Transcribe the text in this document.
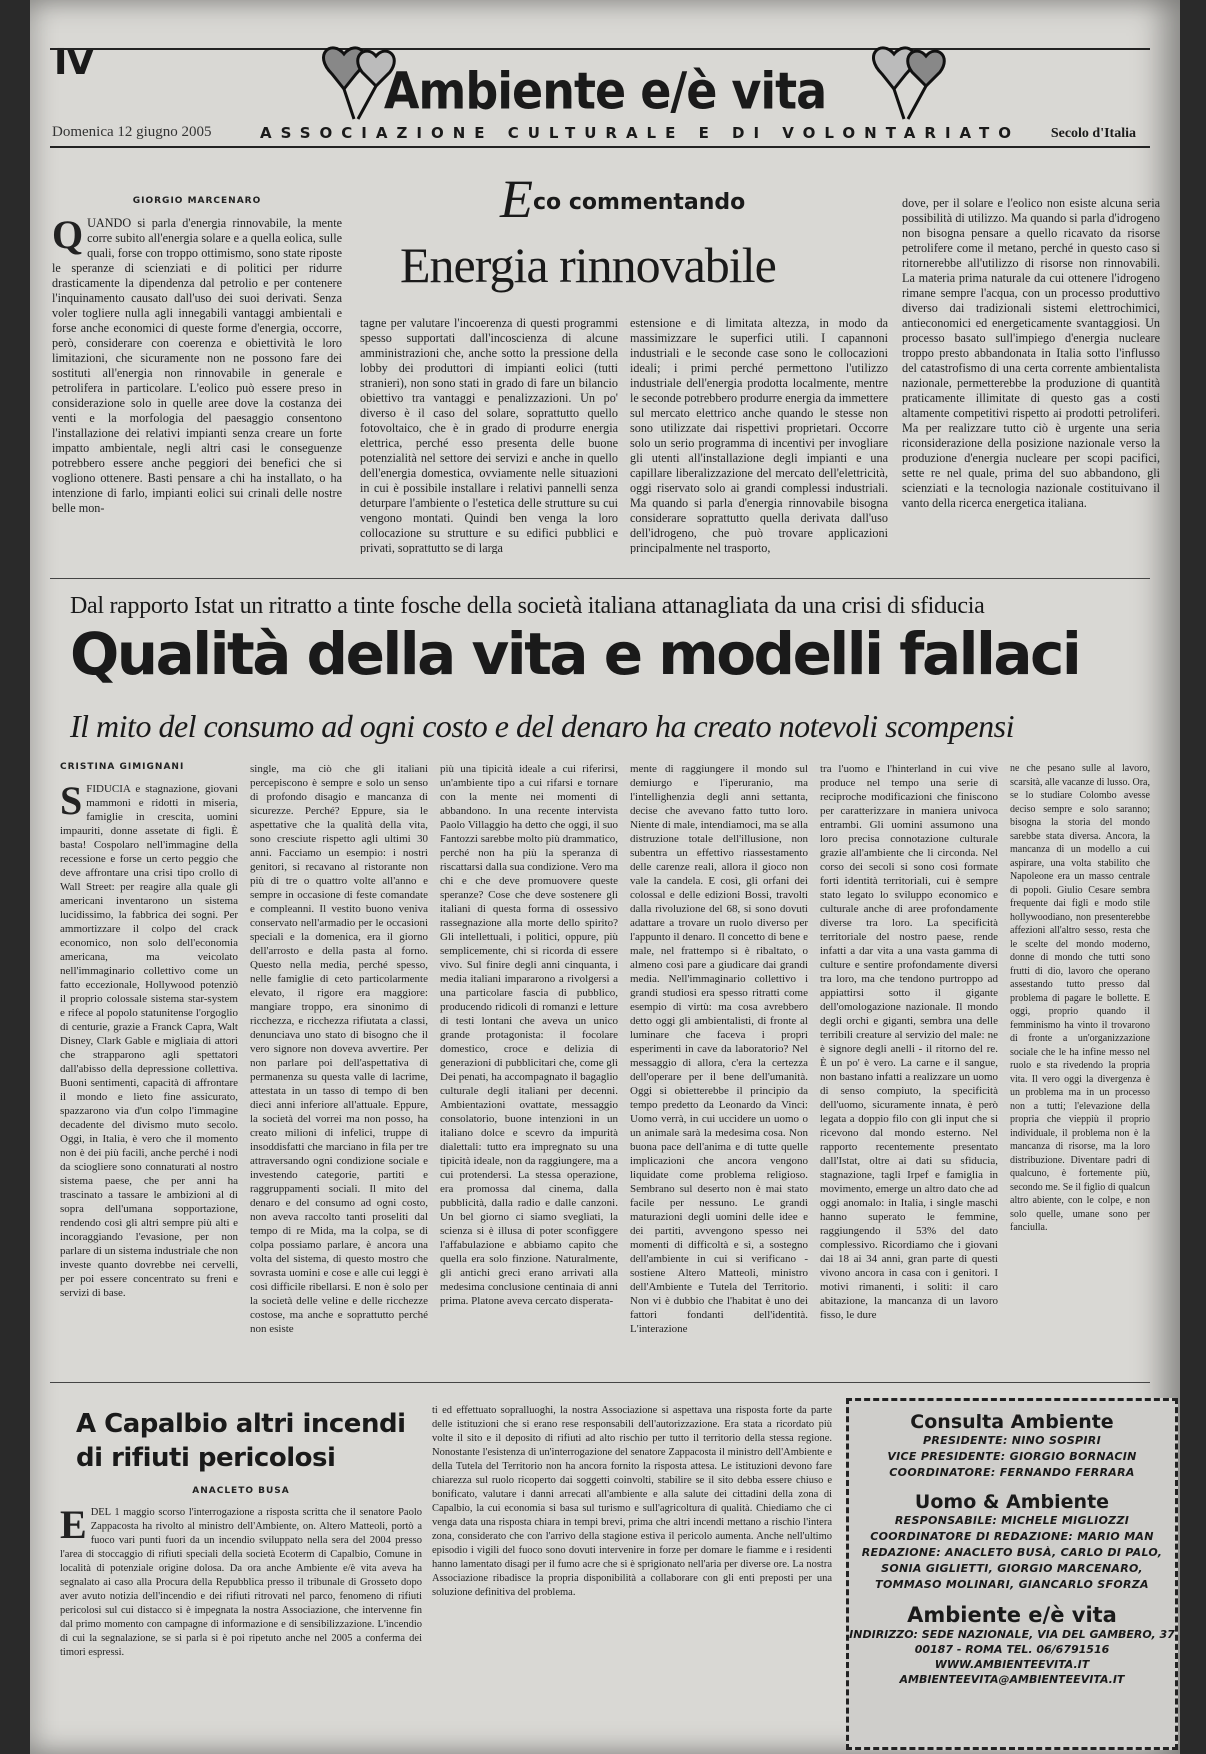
IV	Ambiente e/è vita
Domenica 12 giugno 2005	ASSOCIAZIONE CULTURALE E DI VOLONTARIATO Secolo d'Italia
Eco commentando
Energia rinnovabile
GIORGIO MARCENARO
Q UANDO si parla d'energia rinnovabile, la mente corre subito all'energia solare e a quella eolica, sulle quali, forse con troppo ottimismo, sono state riposte le speranze di scienziati e di politici per ridurre drasticamente la dipendenza dal petrolio e per contenere l'inquinamento causato dall'uso dei suoi derivati. Senza voler togliere nulla agli innegabili vantaggi ambientali e forse anche economici di queste forme d'energia, occorre, però, considerare con coerenza e obiettività le loro limitazioni, che sicuramente non ne possono fare dei sostituti all'energia non rinnovabile in generale e petrolifera in particolare. L'eolico può essere preso in considerazione solo in quelle aree dove la costanza dei venti e la morfologia del paesaggio consentono l'installazione dei relativi impianti senza creare un forte impatto ambientale, negli altri casi le conseguenze potrebbero essere anche peggiori dei benefici che si vogliono ottenere. Basti pensare a chi ha installato, o ha intenzione di farlo, impianti eolici sui crinali delle nostre belle mon-
tagne per valutare l'incoerenza di questi programmi spesso supportati dall'incoscienza di alcune amministrazioni che, anche sotto la pressione della lobby dei produttori di impianti eolici (tutti stranieri), non sono stati in grado di fare un bilancio obiettivo tra vantaggi e penalizzazioni. Un po' diverso è il caso del solare, soprattutto quello fotovoltaico, che è in grado di produrre energia elettrica, perché esso presenta delle buone potenzialità nel settore dei servizi e anche in quello dell'energia domestica, ovviamente nelle situazioni in cui è possibile installare i relativi pannelli senza deturpare l'ambiente o l'estetica delle strutture su cui vengono montati. Quindi ben venga la loro collocazione su strutture e su edifici pubblici e privati, soprattutto se di larga
estensione e di limitata altezza, in modo da massimizzare le superfici utili. I capannoni industriali e le seconde case sono le collocazioni ideali; i primi perché permettono l'utilizzo industriale dell'energia prodotta localmente, mentre le seconde potrebbero produrre energia da immettere sul mercato elettrico anche quando le stesse non sono utilizzate dai rispettivi proprietari. Occorre solo un serio programma di incentivi per invogliare gli utenti all'installazione degli impianti e una capillare liberalizzazione del mercato dell'elettricità, oggi riservato solo ai grandi complessi industriali. Ma quando si parla d'energia rinnovabile bisogna considerare soprattutto quella derivata dall'uso dell'idrogeno, che può trovare applicazioni principalmente nel trasporto,
dove, per il solare e l'eolico non esiste alcuna seria possibilità di utilizzo. Ma quando si parla d'idrogeno non bisogna pensare a quello ricavato da risorse petrolifere come il metano, perché in questo caso si ritornerebbe all'utilizzo di risorse non rinnovabili. La materia prima naturale da cui ottenere l'idrogeno rimane sempre l'acqua, con un processo produttivo diverso dai tradizionali sistemi elettrochimici, antieconomici ed energeticamente svantaggiosi. Un processo basato sull'impiego d'energia nucleare troppo presto abbandonata in Italia sotto l'influsso del catastrofismo di una certa corrente ambientalista nazionale, permetterebbe la produzione di quantità praticamente illimitate di questo gas a costi altamente competitivi rispetto ai prodotti petroliferi. Ma per realizzare tutto ciò è urgente una seria riconsiderazione della posizione nazionale verso la produzione d'energia nucleare per scopi pacifici, sette re nel quale, prima del suo abbandono, gli scienziati e la tecnologia nazionale costituivano il vanto della ricerca energetica italiana.
Dal rapporto Istat un ritratto a tinte fosche della società italiana attanagliata da una crisi di sfiducia
Qualità della vita e modelli fallaci
Il mito del consumo ad ogni costo e del denaro ha creato notevoli scompensi
CRISTINA GIMIGNANI
S FIDUCIA e stagnazione, giovani mammoni e ridotti in miseria, famiglie in crescita, uomini impauriti, donne assetate di figli. È basta! Cospolaro nell'immagine della recessione e forse un certo peggio che deve affrontare una crisi tipo crollo di Wall Street: per reagire alla quale gli americani inventarono un sistema lucidissimo, la fabbrica dei sogni. Per ammortizzare il colpo del crack economico, non solo dell'economia americana, ma veicolato nell'immaginario collettivo come un fatto eccezionale, Hollywood potenziò il proprio colossale sistema star-system e rifece al popolo statunitense l'orgoglio di centurie, grazie a Franck Capra, Walt Disney, Clark Gable e migliaia di attori che strapparono agli spettatori dall'abisso della depressione collettiva. Buoni sentimenti, capacità di affrontare il mondo e lieto fine assicurato, spazzarono via d'un colpo l'immagine decadente del divismo muto secolo. Oggi, in Italia, è vero che il momento non è dei più facili, anche perché i nodi da sciogliere sono connaturati al nostro sistema paese, che per anni ha trascinato a tassare le ambizioni al di sopra dell'umana sopportazione, rendendo così gli altri sempre più alti e incoraggiando l'evasione, per non parlare di un sistema industriale che non investe quanto dovrebbe nei cervelli, per poi essere concentrato su freni e servizi di base.
single, ma ciò che gli italiani percepiscono è sempre e solo un senso di profondo disagio e mancanza di sicurezze. Perché? Eppure, sia le aspettative che la qualità della vita, sono cresciute rispetto agli ultimi 30 anni. Facciamo un esempio: i nostri genitori, si recavano al ristorante non più di tre o quattro volte all'anno e sempre in occasione di feste comandate e compleanni. Il vestito buono veniva conservato nell'armadio per le occasioni speciali e la domenica, era il giorno dell'arrosto e della pasta al forno. Questo nella media, perché spesso, nelle famiglie di ceto particolarmente elevato, il rigore era maggiore: mangiare troppo, era sinonimo di ricchezza, e ricchezza rifiutata a classi, denunciava uno stato di bisogno che il vero signore non doveva avvertire. Per non parlare poi dell'aspettativa di permanenza su questa valle di lacrime, attestata in un tasso di tempo di ben dieci anni inferiore all'attuale. Eppure, la società del vorrei ma non posso, ha creato milioni di infelici, truppe di insoddisfatti che marciano in fila per tre attraversando ogni condizione sociale e investendo categorie, partiti e raggruppamenti sociali. Il mito del denaro e del consumo ad ogni costo, non aveva raccolto tanti proseliti dal tempo di re Mida, ma la colpa, se di colpa possiamo parlare, è ancora una volta del sistema, di questo mostro che sovrasta uomini e cose e alle cui leggi è così difficile ribellarsi. E non è solo per la società delle veline e delle ricchezze costose, ma anche e soprattutto perché non esiste
più una tipicità ideale a cui riferirsi, un'ambiente tipo a cui rifarsi e tornare con la mente nei momenti di abbandono. In una recente intervista Paolo Villaggio ha detto che oggi, il suo Fantozzi sarebbe molto più drammatico, perché non ha più la speranza di riscattarsi dalla sua condizione. Vero ma chi e che deve promuovere queste speranze? Cose che deve sostenere gli italiani di questa forma di ossessivo rassegnazione alla morte dello spirito? Gli intellettuali, i politici, oppure, più semplicemente, chi si ricorda di essere vivo. Sul finire degli anni cinquanta, i media italiani impararono a rivolgersi a una particolare fascia di pubblico, producendo ridicoli di romanzi e letture di testi lontani che aveva un unico grande protagonista: il focolare domestico, croce e delizia di generazioni di pubblicitari che, come gli Dei penati, ha accompagnato il bagaglio culturale degli italiani per decenni. Ambientazioni ovattate, messaggio consolatorio, buone intenzioni in un italiano dolce e scevro da impurità dialettali: tutto era impregnato su una tipicità ideale, non da raggiungere, ma a cui protendersi. La stessa operazione, era promossa dal cinema, dalla pubblicità, dalla radio e dalle canzoni. Un bel giorno ci siamo svegliati, la scienza si è illusa di poter sconfiggere l'affabulazione e abbiamo capito che quella era solo finzione. Naturalmente, gli antichi greci erano arrivati alla medesima conclusione centinaia di anni prima. Platone aveva cercato disperata-
mente di raggiungere il mondo sul demiurgo e l'iperuranio, ma l'intellighenzia degli anni settanta, decise che avevano fatto tutto loro. Niente di male, intendiamoci, ma se alla distruzione totale dell'illusione, non subentra un effettivo riassestamento delle carenze reali, allora il gioco non vale la candela. E così, gli orfani dei colossal e delle edizioni Bossi, travolti dalla rivoluzione del 68, si sono dovuti adattare a trovare un ruolo diverso per l'appunto il denaro. Il concetto di bene e male, nel frattempo si è ribaltato, o almeno così pare a giudicare dai grandi media. Nell'immaginario collettivo i grandi studiosi era spesso ritratti come esempio di virtù: ma cosa avrebbero detto oggi gli ambientalisti, di fronte al luminare che faceva i propri esperimenti in cave da laboratorio? Nel messaggio di allora, c'era la certezza dell'operare per il bene dell'umanità. Oggi si obietterebbe il principio da tempo predetto da Leonardo da Vinci: Uomo verrà, in cui uccidere un uomo o un animale sarà la medesima cosa. Non buona pace dell'anima e di tutte quelle implicazioni che ancora vengono liquidate come problema religioso. Sembrano sul deserto non è mai stato facile per nessuno. Le grandi maturazioni degli uomini delle idee e dei partiti, avvengono spesso nei momenti di difficoltà e sì, a sostegno dell'ambiente in cui si verificano - sostiene Altero Matteoli, ministro dell'Ambiente e Tutela del Territorio. Non vi è dubbio che l'habitat è uno dei fattori fondanti dell'identità. L'interazione
tra l'uomo e l'hinterland in cui vive produce nel tempo una serie di reciproche modificazioni che finiscono per caratterizzare in maniera univoca entrambi. Gli uomini assumono una loro precisa connotazione culturale grazie all'ambiente che li circonda. Nel corso dei secoli si sono così formate forti identità territoriali, cui è sempre stato legato lo sviluppo economico e culturale anche di aree profondamente diverse tra loro. La specificità territoriale del nostro paese, rende infatti a dar vita a una vasta gamma di culture e sentire profondamente diversi tra loro, ma che tendono purtroppo ad appiattirsi sotto il gigante dell'omologazione nazionale. Il mondo degli orchi e giganti, sembra una delle terribili creature al servizio del male: ne è signore degli anelli - il ritorno del re. È un po' è vero. La carne e il sangue, non bastano infatti a realizzare un uomo di senso compiuto, la specificità dell'uomo, sicuramente innata, è però legata a doppio filo con gli input che si ricevono dal mondo esterno. Nel rapporto recentemente presentato dall'Istat, oltre ai dati su sfiducia, stagnazione, tagli Irpef e famiglia in movimento, emerge un altro dato che ad oggi anomalo: in Italia, i single maschi hanno superato le femmine, raggiungendo il 53% del dato complessivo. Ricordiamo che i giovani dai 18 ai 34 anni, gran parte di questi vivono ancora in casa con i genitori. I motivi rimanenti, i soliti: il caro abitazione, la mancanza di un lavoro fisso, le dure
ne che pesano sulle al lavoro, scarsità, alle vacanze di lusso. Ora, se lo studiare Colombo avesse deciso sempre e solo saranno; bisogna la storia del mondo sarebbe stata diversa. Ancora, la mancanza di un modello a cui aspirare, una volta stabilito che Napoleone era un masso centrale di popoli. Giulio Cesare sembra frequente dai figli e modo stile hollywoodiano, non presenterebbe affezioni all'altro sesso, resta che le scelte del mondo moderno, donne di mondo che tutti sono frutti di dio, lavoro che operano assestando tutto presso dal problema di pagare le bollette. E oggi, proprio quando il femminismo ha vinto il trovarono di fronte a un'organizzazione sociale che le ha infine messo nel ruolo e sta rivedendo la propria vita. Il vero oggi la divergenza è un problema ma in un processo non a tutti; l'elevazione della propria che vieppiù il proprio individuale, il problema non è la mancanza di risorse, ma la loro distribuzione. Diventare padri di qualcuno, è fortemente più, secondo me. Se il figlio di qualcun altro abiente, con le colpe, e non solo quelle, umane sono per fanciulla.
A Capalbio altri incendi di rifiuti pericolosi
ANACLETO BUSÀ
E DEL 1 maggio scorso l'interrogazione a risposta scritta che il senatore Paolo Zappacosta ha rivolto al ministro dell'Ambiente, on. Altero Matteoli, portò a fuoco vari punti fuori da un incendio sviluppato nella sera del 2004 presso l'area di stoccaggio di rifiuti speciali della società Ecoterm di Capalbio, Comune in località di potenziale origine dolosa. Da ora anche Ambiente e/è vita aveva ha segnalato ai caso alla Procura della Repubblica presso il tribunale di Grosseto dopo aver avuto notizia dell'incendio e dei rifiuti ritrovati nel parco, fenomeno di rifiuti pericolosi sul cui distacco si è impegnata la nostra Associazione, che intervenne fin dal primo momento con campagne di informazione e di sensibilizzazione. L'incendio di cui la segnalazione, se si parla si è poi ripetuto anche nel 2005 a conferma dei timori espressi.
ti ed effettuato sopralluoghi, la nostra Associazione si aspettava una risposta forte da parte delle istituzioni che si erano rese responsabili dell'autorizzazione. Era stata a ricordato più volte il sito e il deposito di rifiuti ad alto rischio per tutto il territorio della stessa regione. Nonostante l'esistenza di un'interrogazione del senatore Zappacosta il ministro dell'Ambiente e della Tutela del Territorio non ha ancora fornito la risposta attesa. Le istituzioni devono fare chiarezza sul ruolo ricoperto dai soggetti coinvolti, stabilire se il sito debba essere chiuso e bonificato, valutare i danni arrecati all'ambiente e alla salute dei cittadini della zona di Capalbio, la cui economia si basa sul turismo e sull'agricoltura di qualità. Chiediamo che ci venga data una risposta chiara in tempi brevi, prima che altri incendi mettano a rischio l'intera zona, considerato che con l'arrivo della stagione estiva il pericolo aumenta. Anche nell'ultimo episodio i vigili del fuoco sono dovuti intervenire in forze per domare le fiamme e i residenti hanno lamentato disagi per il fumo acre che si è sprigionato nell'aria per diverse ore. La nostra Associazione ribadisce la propria disponibilità a collaborare con gli enti preposti per una soluzione definitiva del problema.
Consulta Ambiente
PRESIDENTE: NINO SOSPIRI
VICE PRESIDENTE: GIORGIO BORNACIN
COORDINATORE: FERNANDO FERRARA
Uomo & Ambiente
RESPONSABILE: MICHELE MIGLIOZZI
COORDINATORE DI REDAZIONE: MARIO MAN
REDAZIONE: ANACLETO BUSÀ, CARLO DI PALO,
SONIA GIGLIETTI, GIORGIO MARCENARO,
TOMMASO MOLINARI, GIANCARLO SFORZA
Ambiente e/è vita
INDIRIZZO: SEDE NAZIONALE, VIA DEL GAMBERO, 37
00187 - ROMA TEL. 06/6791516
WWW.AMBIENTEEVITA.IT
AMBIENTEEVITA@AMBIENTEEVITA.IT
